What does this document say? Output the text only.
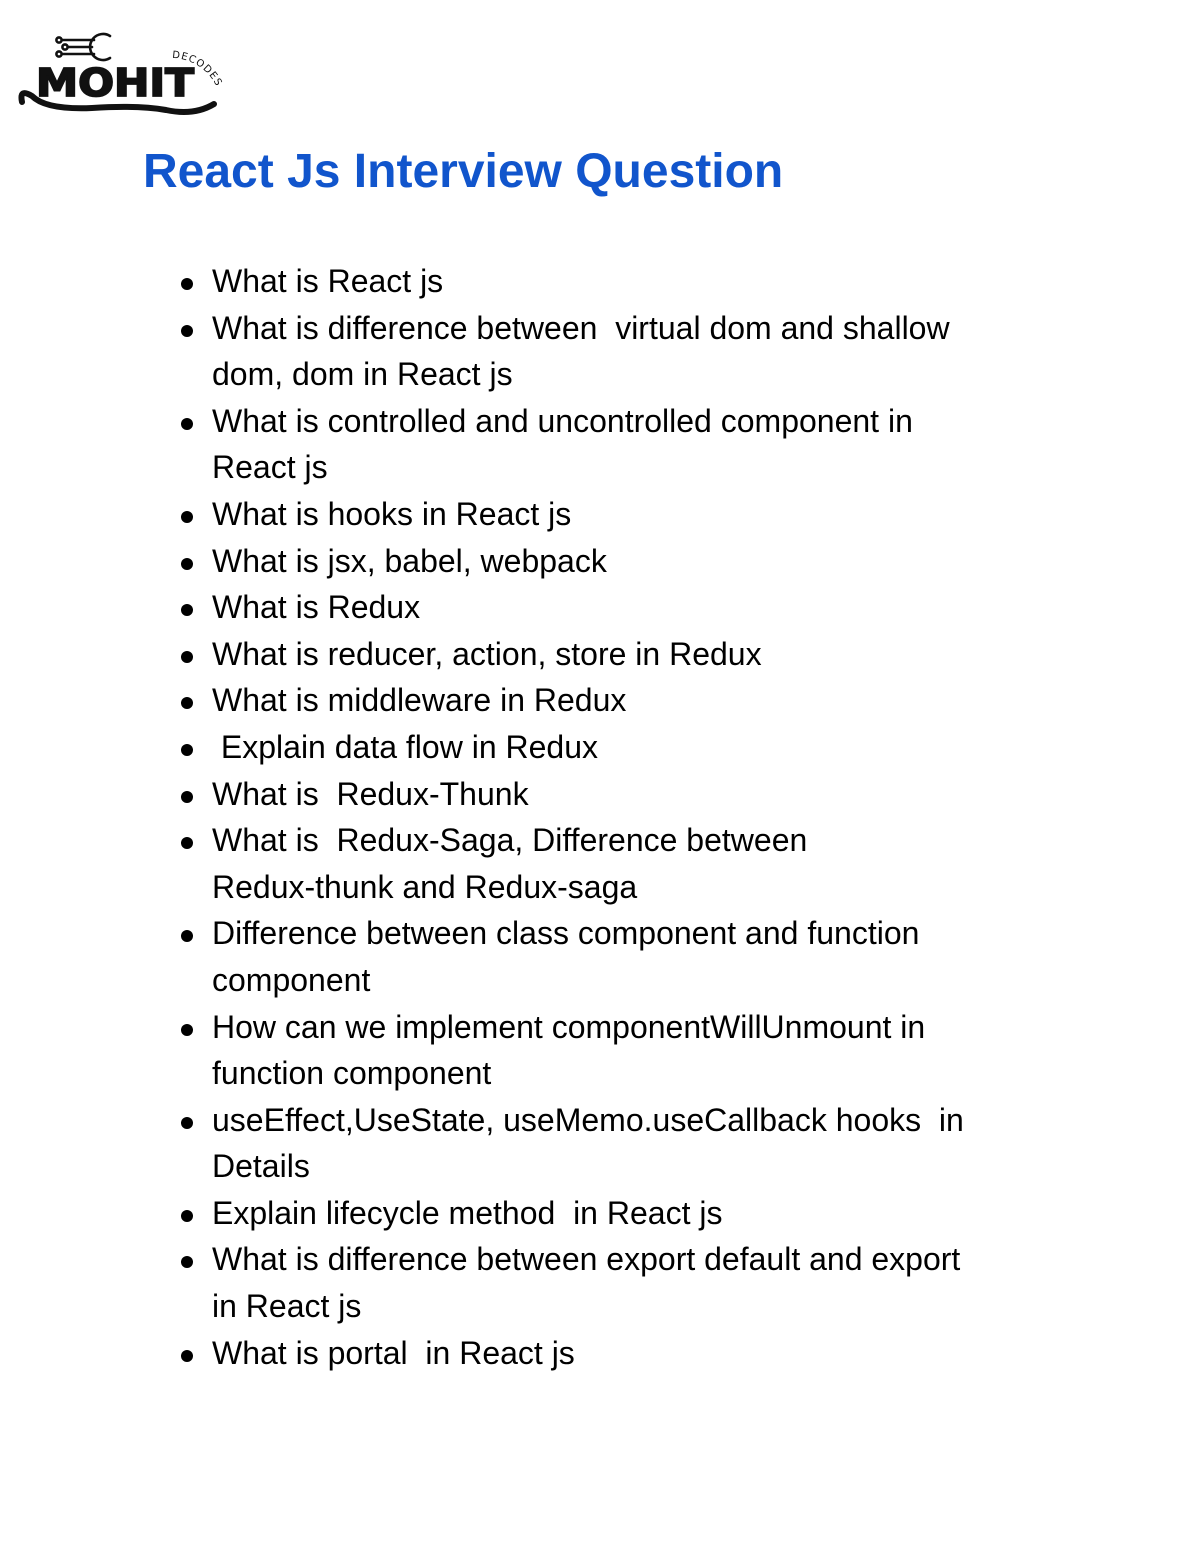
MOHIT
DECODES
React Js Interview Question
What is React js
What is difference between  virtual dom and shallow
dom, dom in React js
What is controlled and uncontrolled component in
React js
What is hooks in React js
What is jsx, babel, webpack
What is Redux
What is reducer, action, store in Redux
What is middleware in Redux
Explain data flow in Redux
What is  Redux-Thunk
What is  Redux-Saga, Difference between
Redux-thunk and Redux-saga
Difference between class component and function
component
How can we implement componentWillUnmount in
function component
useEffect,UseState, useMemo.useCallback hooks  in
Details
Explain lifecycle method  in React js
What is difference between export default and export
in React js
What is portal  in React js
